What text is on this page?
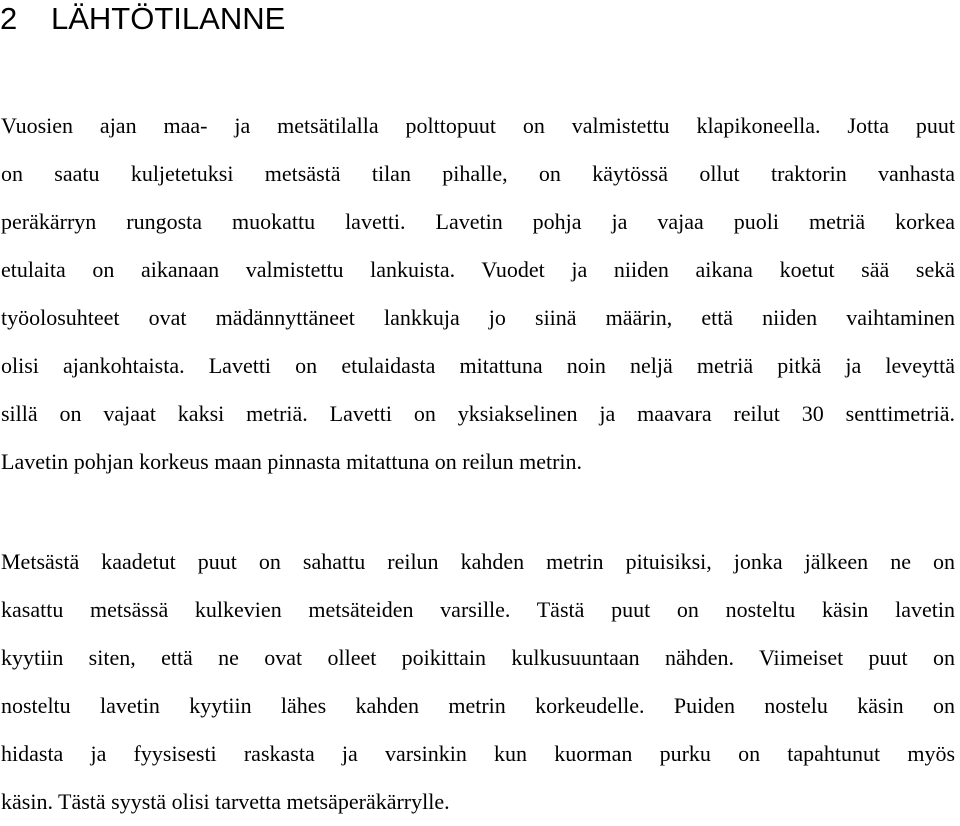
2 LÄHTÖTILANNE
Vuosien ajan maa- ja metsätilalla polttopuut on valmistettu klapikoneella. Jotta puut
on saatu kuljetetuksi metsästä tilan pihalle, on käytössä ollut traktorin vanhasta
peräkärryn rungosta muokattu lavetti. Lavetin pohja ja vajaa puoli metriä korkea
etulaita on aikanaan valmistettu lankuista. Vuodet ja niiden aikana koetut sää sekä
työolosuhteet ovat mädännyttäneet lankkuja jo siinä määrin, että niiden vaihtaminen
olisi ajankohtaista. Lavetti on etulaidasta mitattuna noin neljä metriä pitkä ja leveyttä
sillä on vajaat kaksi metriä. Lavetti on yksiakselinen ja maavara reilut 30 senttimetriä.
Lavetin pohjan korkeus maan pinnasta mitattuna on reilun metrin.
Metsästä kaadetut puut on sahattu reilun kahden metrin pituisiksi, jonka jälkeen ne on
kasattu metsässä kulkevien metsäteiden varsille. Tästä puut on nosteltu käsin lavetin
kyytiin siten, että ne ovat olleet poikittain kulkusuuntaan nähden. Viimeiset puut on
nosteltu lavetin kyytiin lähes kahden metrin korkeudelle. Puiden nostelu käsin on
hidasta ja fyysisesti raskasta ja varsinkin kun kuorman purku on tapahtunut myös
käsin. Tästä syystä olisi tarvetta metsäperäkärrylle.
